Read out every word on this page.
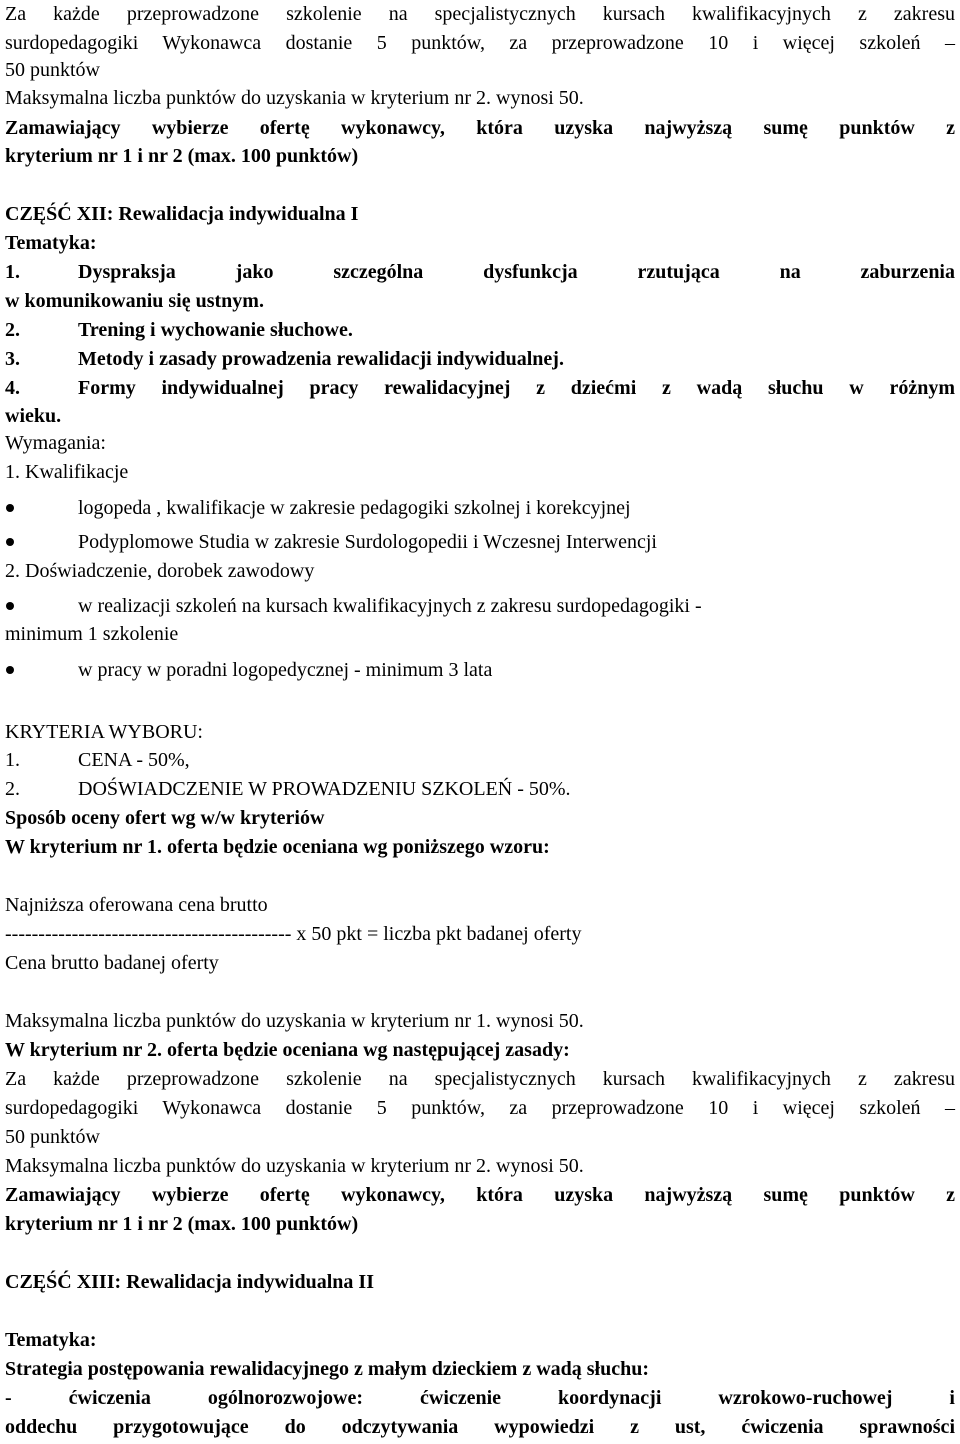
Za każde przeprowadzone szkolenie na specjalistycznych kursach kwalifikacyjnych z zakresu
surdopedagogiki Wykonawca dostanie 5 punktów, za przeprowadzone 10 i więcej szkoleń –
50 punktów
Maksymalna liczba punktów do uzyskania w kryterium nr 2. wynosi 50.
Zamawiający wybierze ofertę wykonawcy, która uzyska najwyższą sumę punktów z
kryterium nr 1 i nr 2 (max. 100 punktów)
CZĘŚĆ XII: Rewalidacja indywidualna I
Tematyka:
1.	Dyspraksja jako szczególna dysfunkcja rzutująca na zaburzenia
w komunikowaniu się ustnym.
2.	Trening i wychowanie słuchowe.
3.	Metody i zasady prowadzenia rewalidacji indywidualnej.
4.	Formy indywidualnej pracy rewalidacyjnej z dziećmi z wadą słuchu w różnym
wieku.
Wymagania:
1. Kwalifikacje
logopeda , kwalifikacje w zakresie pedagogiki szkolnej i korekcyjnej
Podyplomowe Studia w zakresie Surdologopedii i Wczesnej Interwencji
2. Doświadczenie, dorobek zawodowy
w realizacji szkoleń na kursach kwalifikacyjnych z zakresu surdopedagogiki -
minimum 1 szkolenie
w pracy w poradni logopedycznej - minimum 3 lata
KRYTERIA WYBORU:
1.	CENA - 50%,
2.	DOŚWIADCZENIE W PROWADZENIU SZKOLEŃ - 50%.
Sposób oceny ofert wg w/w kryteriów
W kryterium nr 1. oferta będzie oceniana wg poniższego wzoru:
Najniższa oferowana cena brutto
------------------------------------------- x 50 pkt = liczba pkt badanej oferty
Cena brutto badanej oferty
Maksymalna liczba punktów do uzyskania w kryterium nr 1. wynosi 50.
W kryterium nr 2. oferta będzie oceniana wg następującej zasady:
Za każde przeprowadzone szkolenie na specjalistycznych kursach kwalifikacyjnych z zakresu
surdopedagogiki Wykonawca dostanie 5 punktów, za przeprowadzone 10 i więcej szkoleń –
50 punktów
Maksymalna liczba punktów do uzyskania w kryterium nr 2. wynosi 50.
Zamawiający wybierze ofertę wykonawcy, która uzyska najwyższą sumę punktów z
kryterium nr 1 i nr 2 (max. 100 punktów)
CZĘŚĆ XIII: Rewalidacja indywidualna II
Tematyka:
Strategia postępowania rewalidacyjnego z małym dzieckiem z wadą słuchu:
- ćwiczenia ogólnorozwojowe: ćwiczenie koordynacji wzrokowo-ruchowej i
oddechu przygotowujące do odczytywania wypowiedzi z ust, ćwiczenia sprawności
